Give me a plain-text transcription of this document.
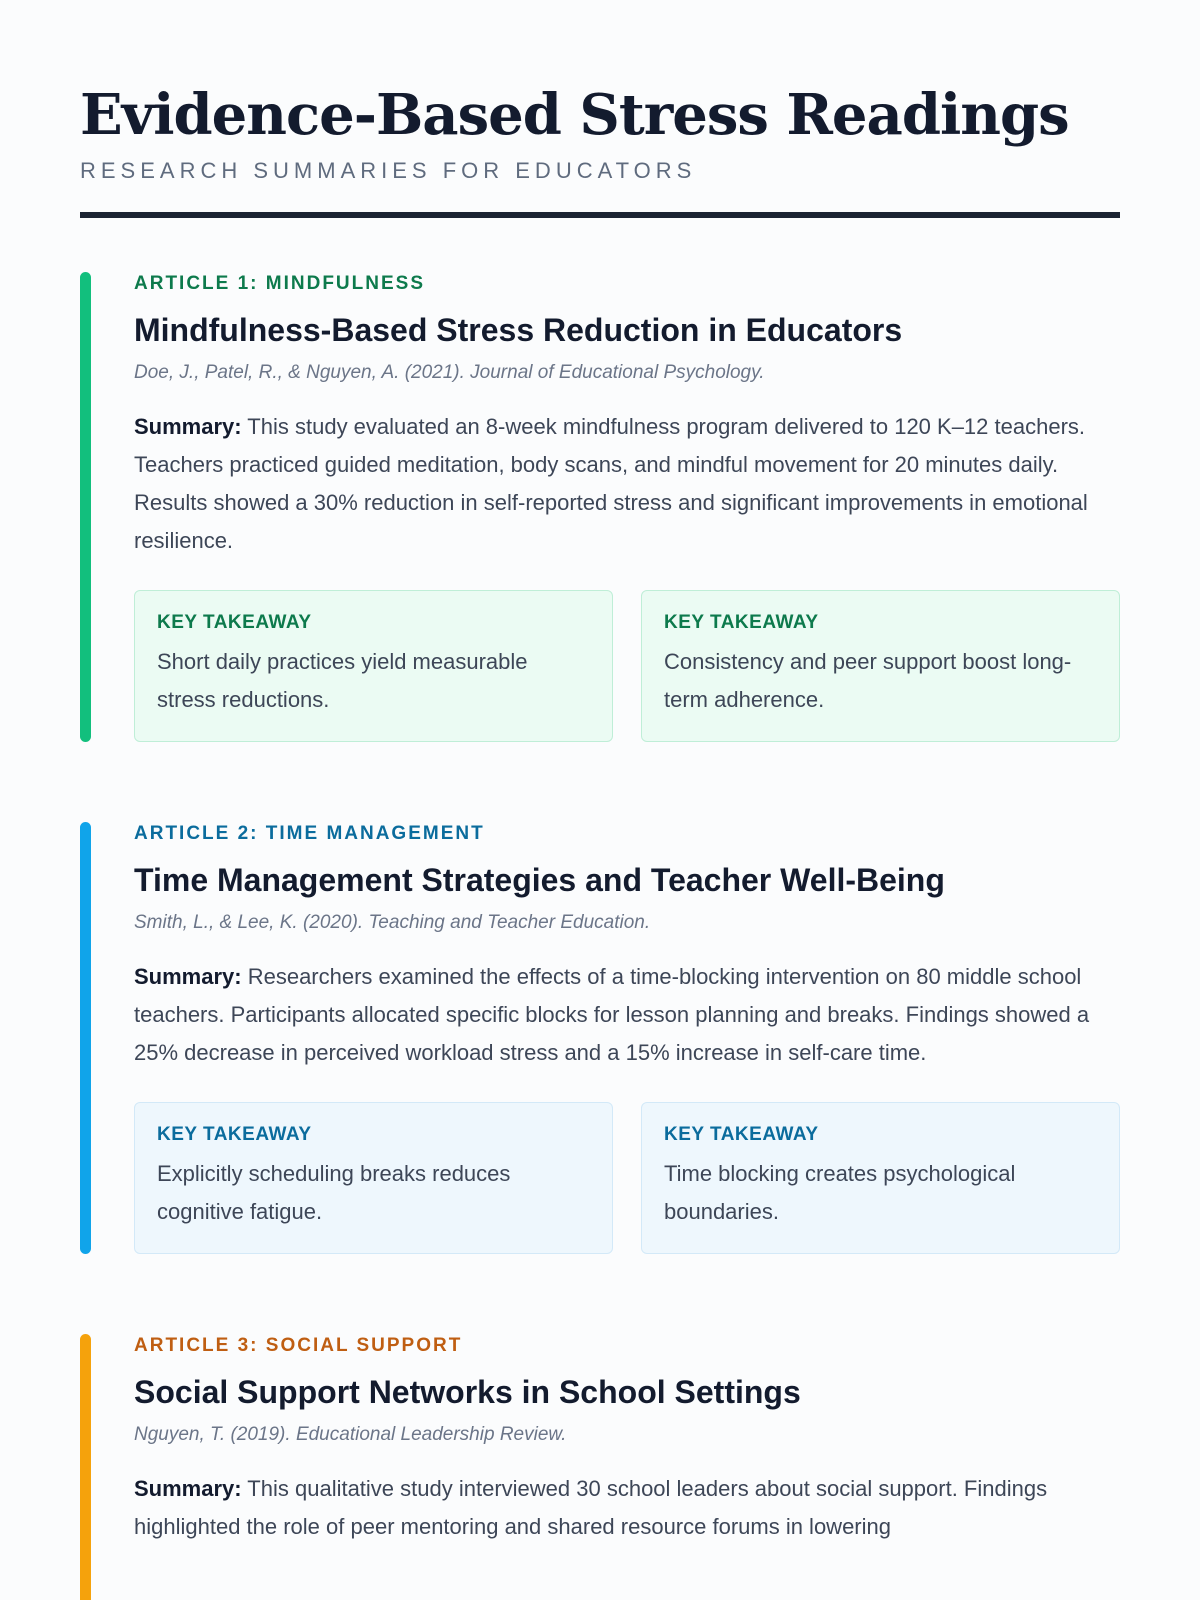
Evidence-Based Stress Readings

RESEARCH SUMMARIES FOR EDUCATORS

ARTICLE 1: MINDFULNESS

Mindfulness-Based Stress Reduction in Educators

Doe, J., Patel, R., & Nguyen, A. (2021). Journal of Educational Psychology.

Summary: This study evaluated an 8-week mindfulness program delivered to 120 K–12 teachers. Teachers practiced guided meditation, body scans, and mindful movement for 20 minutes daily. Results showed a 30% reduction in self-reported stress and significant improvements in emotional resilience.

KEY TAKEAWAY

Short daily practices yield measurable stress reductions.

KEY TAKEAWAY

Consistency and peer support boost long-term adherence.

ARTICLE 2: TIME MANAGEMENT

Time Management Strategies and Teacher Well-Being

Smith, L., & Lee, K. (2020). Teaching and Teacher Education.

Summary: Researchers examined the effects of a time-blocking intervention on 80 middle school teachers. Participants allocated specific blocks for lesson planning and breaks. Findings showed a 25% decrease in perceived workload stress and a 15% increase in self-care time.

KEY TAKEAWAY

Explicitly scheduling breaks reduces cognitive fatigue.

KEY TAKEAWAY

Time blocking creates psychological boundaries.

ARTICLE 3: SOCIAL SUPPORT

Social Support Networks in School Settings

Nguyen, T. (2019). Educational Leadership Review.

Summary: This qualitative study interviewed 30 school leaders about social support. Findings highlighted the role of peer mentoring and shared resource forums in lowering
